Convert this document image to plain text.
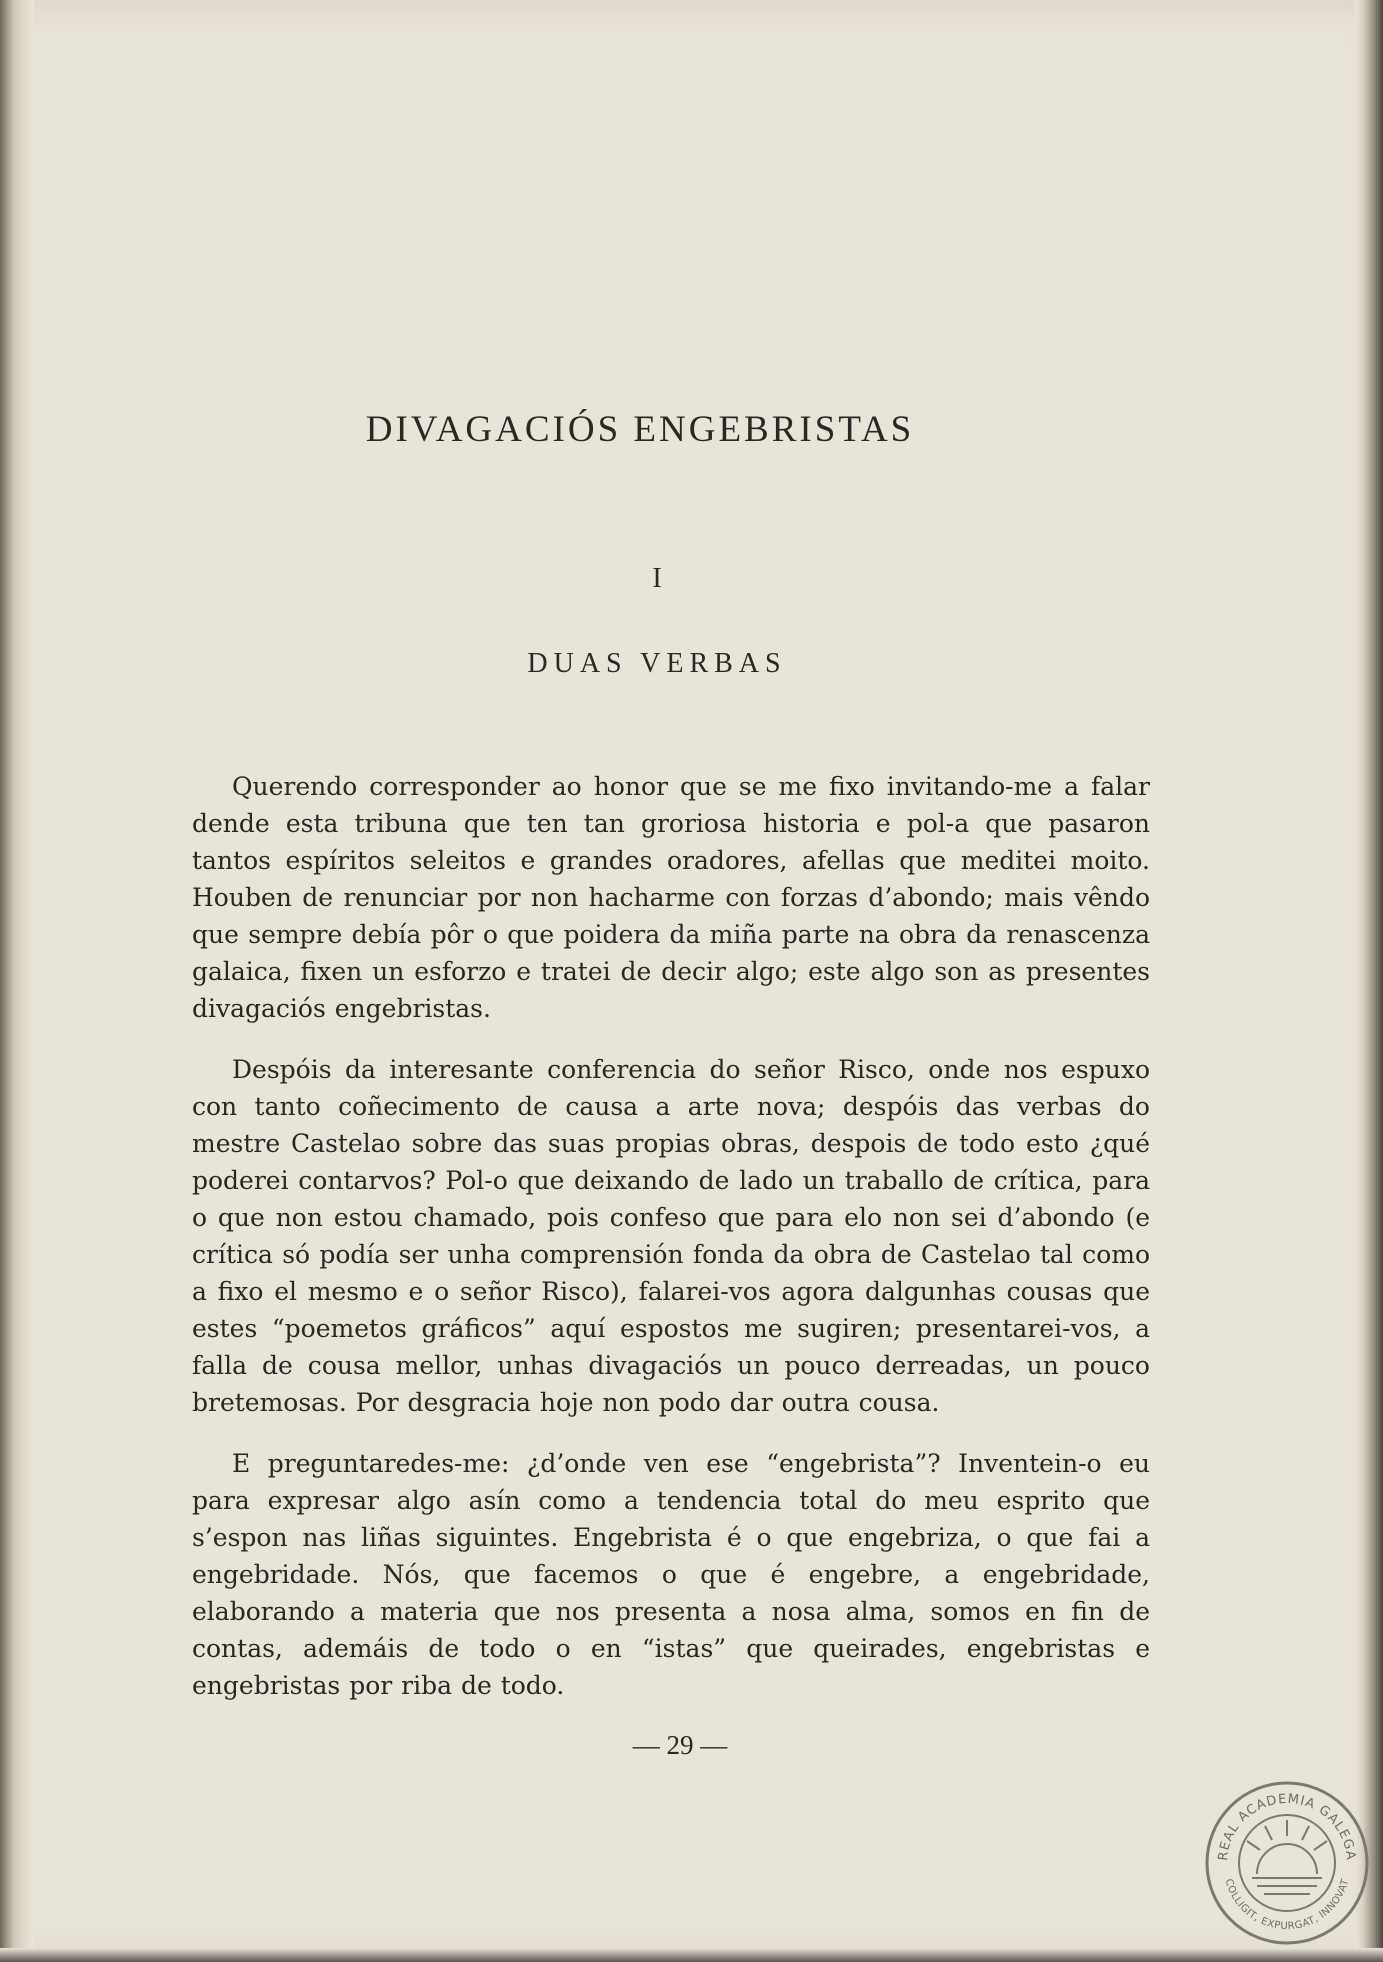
DIVAGACIÓS ENGEBRISTAS
I
DUAS VERBAS

Querendo corresponder ao honor que se me fixo invitando-me a falar dende esta tribuna que ten tan groriosa historia e pol-a que pasaron tantos espíritos seleitos e grandes oradores, afellas que meditei moito. Houben de renunciar por non hacharme con forzas d’abondo; mais vêndo que sempre debía pôr o que poidera da miña parte na obra da renascenza galaica, fixen un esforzo e tratei de decir algo; este algo son as presentes divagaciós engebristas.

Despóis da interesante conferencia do señor Risco, onde nos espuxo con tanto coñecimento de causa a arte nova; despóis das verbas do mestre Castelao sobre das suas propias obras, despois de todo esto ¿qué poderei contarvos? Pol-o que deixando de lado un traballo de crítica, para o que non estou chamado, pois confeso que para elo non sei d’abondo (e crítica só podía ser unha comprensión fonda da obra de Castelao tal como a fixo el mesmo e o señor Risco), falarei-vos agora dalgunhas cousas que estes “poemetos gráficos” aquí espostos me sugiren; presentarei-vos, a falla de cousa mellor, unhas divagaciós un pouco derreadas, un pouco bretemosas. Por desgracia hoje non podo dar outra cousa.

E preguntaredes-me: ¿d’onde ven ese “engebrista”? Inventein-o eu para expresar algo asín como a tendencia total do meu esprito que s’espon nas liñas siguintes. Engebrista é o que engebriza, o que fai a engebridade. Nós, que facemos o que é engebre, a engebridade, elaborando a materia que nos presenta a nosa alma, somos en fin de contas, ademáis de todo o en “istas” que queirades, engebristas e engebristas por riba de todo.

— 29 —
REAL ACADEMIA GALEGA
COLLIGIT, EXPURGAT, INNOVAT
